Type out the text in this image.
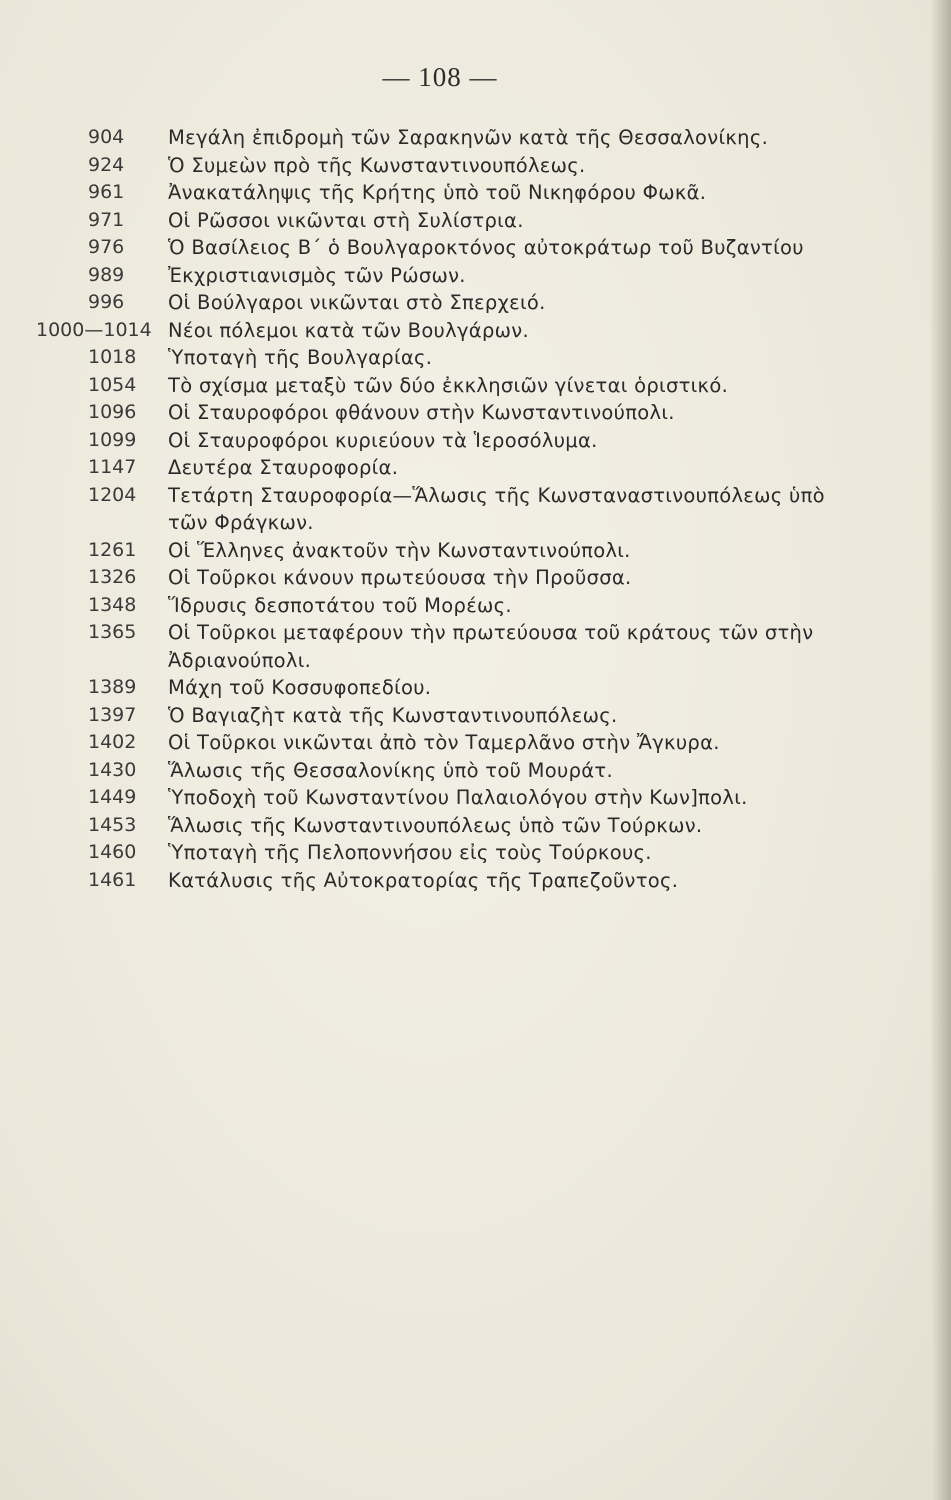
— 108 —
904	Μεγάλη ἐπιδρομὴ τῶν Σαρακηνῶν κατὰ τῆς Θεσσαλονίκης.
924	Ὁ Συμεὼν πρὸ τῆς Κωνσταντινουπόλεως.
961	Ἀνακατάληψις τῆς Κρήτης ὑπὸ τοῦ Νικηφόρου Φωκᾶ.
971	Οἱ Ρῶσσοι νικῶνται στὴ Συλίστρια.
976	Ὁ Βασίλειος Β΄ ὁ Βουλγαροκτόνος αὐτοκράτωρ τοῦ Βυζαντίου
989	Ἐκχριστιανισμὸς τῶν Ρώσων.
996	Οἱ Βούλγαροι νικῶνται στὸ Σπερχειό.
1000—1014 Νέοι πόλεμοι κατὰ τῶν Βουλγάρων.
1018	Ὑποταγὴ τῆς Βουλγαρίας.
1054	Τὸ σχίσμα μεταξὺ τῶν δύο ἐκκλησιῶν γίνεται ὁριστικό.
1096	Οἱ Σταυροφόροι φθάνουν στὴν Κωνσταντινούπολι.
1099	Οἱ Σταυροφόροι κυριεύουν τὰ Ἱεροσόλυμα.
1147	Δευτέρα Σταυροφορία.
1204	Τετάρτη Σταυροφορία—Ἅλωσις τῆς Κωνσταναστινουπόλεως ὑπὸ τῶν Φράγκων.
1261	Οἱ Ἕλληνες ἀνακτοῦν τὴν Κωνσταντινούπολι.
1326	Οἱ Τοῦρκοι κάνουν πρωτεύουσα τὴν Προῦσσα.
1348	Ἵδρυσις δεσποτάτου τοῦ Μορέως.
1365	Οἱ Τοῦρκοι μεταφέρουν τὴν πρωτεύουσα τοῦ κράτους τῶν στὴν Ἀδριανούπολι.
1389	Μάχη τοῦ Κοσσυφοπεδίου.
1397	Ὁ Βαγιαζὴτ κατὰ τῆς Κωνσταντινουπόλεως.
1402	Οἱ Τοῦρκοι νικῶνται ἀπὸ τὸν Ταμερλᾶνο στὴν Ἄγκυρα.
1430	Ἅλωσις τῆς Θεσσαλονίκης ὑπὸ τοῦ Μουράτ.
1449	Ὑποδοχὴ τοῦ Κωνσταντίνου Παλαιολόγου στὴν Κων]πολι.
1453	Ἅλωσις τῆς Κωνσταντινουπόλεως ὑπὸ τῶν Τούρκων.
1460	Ὑποταγὴ τῆς Πελοποννήσου εἰς τοὺς Τούρκους.
1461	Κατάλυσις τῆς Αὐτοκρατορίας τῆς Τραπεζοῦντος.
